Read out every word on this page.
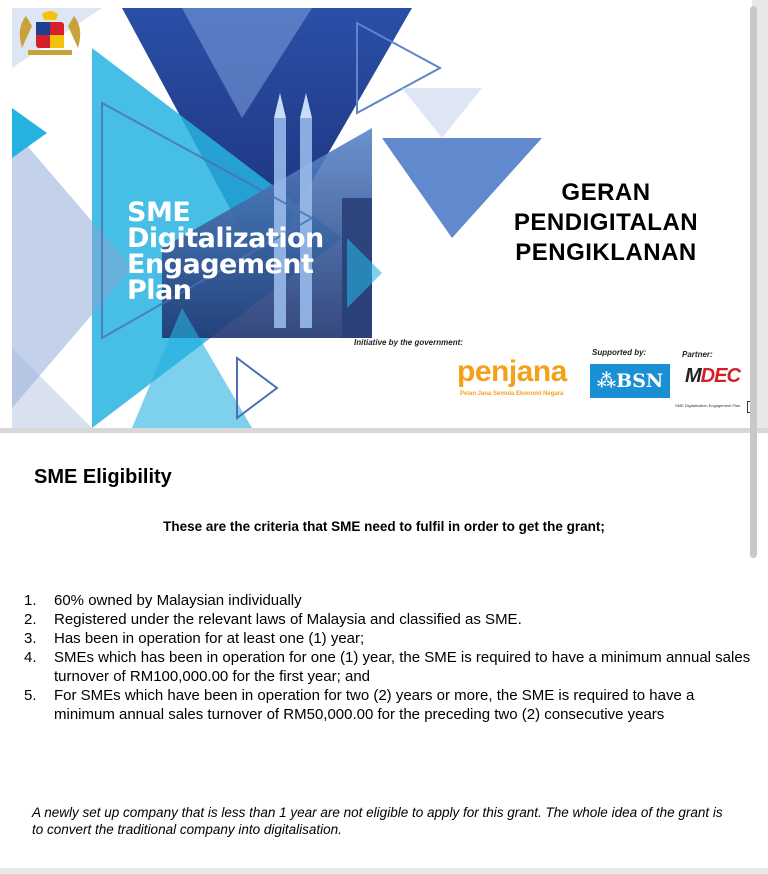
SME
Digitalization
Engagement
Plan
GERAN
PENDIGITALAN
PENGIKLANAN
Initiative by the government:
Supported by:	Partner:
penjana
Pelan Jana Semula Ekonomi Negara
⁂BSN	MDEC
SME Digitalization Engagement Plan
SME Eligibility
These are the criteria that SME need to fulfil in order to get the grant;
1. 60% owned by Malaysian individually
2. Registered under the relevant laws of Malaysia and classified as SME.
3. Has been in operation for at least one (1) year;
4. SMEs which has been in operation for one (1) year, the SME is required to have a minimum annual sales turnover of RM100,000.00 for the first year; and
5. For SMEs which have been in operation for two (2) years or more, the SME is required to have a minimum annual sales turnover of RM50,000.00 for the preceding two (2) consecutive years
A newly set up company that is less than 1 year are not eligible to apply for this grant. The whole idea of the grant is to convert the traditional company into digitalisation.
